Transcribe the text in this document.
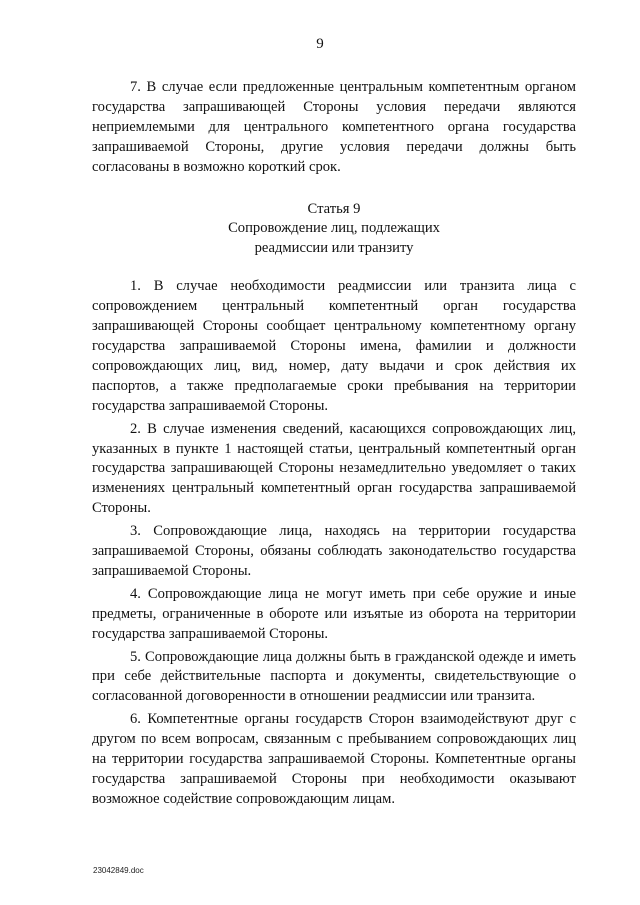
9

7. В случае если предложенные центральным компетентным органом государства запрашивающей Стороны условия передачи являются неприемлемыми для центрального компетентного органа государства запрашиваемой Стороны, другие условия передачи должны быть согласованы в возможно короткий срок.

Статья 9
Сопровождение лиц, подлежащих
реадмиссии или транзиту

1. В случае необходимости реадмиссии или транзита лица с сопровождением центральный компетентный орган государства запрашивающей Стороны сообщает центральному компетентному органу государства запрашиваемой Стороны имена, фамилии и должности сопровождающих лиц, вид, номер, дату выдачи и срок действия их паспортов, а также предполагаемые сроки пребывания на территории государства запрашиваемой Стороны.

2. В случае изменения сведений, касающихся сопровождающих лиц, указанных в пункте 1 настоящей статьи, центральный компетентный орган государства запрашивающей Стороны незамедлительно уведомляет о таких изменениях центральный компетентный орган государства запрашиваемой Стороны.

3. Сопровождающие лица, находясь на территории государства запрашиваемой Стороны, обязаны соблюдать законодательство государства запрашиваемой Стороны.

4. Сопровождающие лица не могут иметь при себе оружие и иные предметы, ограниченные в обороте или изъятые из оборота на территории государства запрашиваемой Стороны.

5. Сопровождающие лица должны быть в гражданской одежде и иметь при себе действительные паспорта и документы, свидетельствующие о согласованной договоренности в отношении реадмиссии или транзита.

6. Компетентные органы государств Сторон взаимодействуют друг с другом по всем вопросам, связанным с пребыванием сопровождающих лиц на территории государства запрашиваемой Стороны. Компетентные органы государства запрашиваемой Стороны при необходимости оказывают возможное содействие сопровождающим лицам.

23042849.doc
